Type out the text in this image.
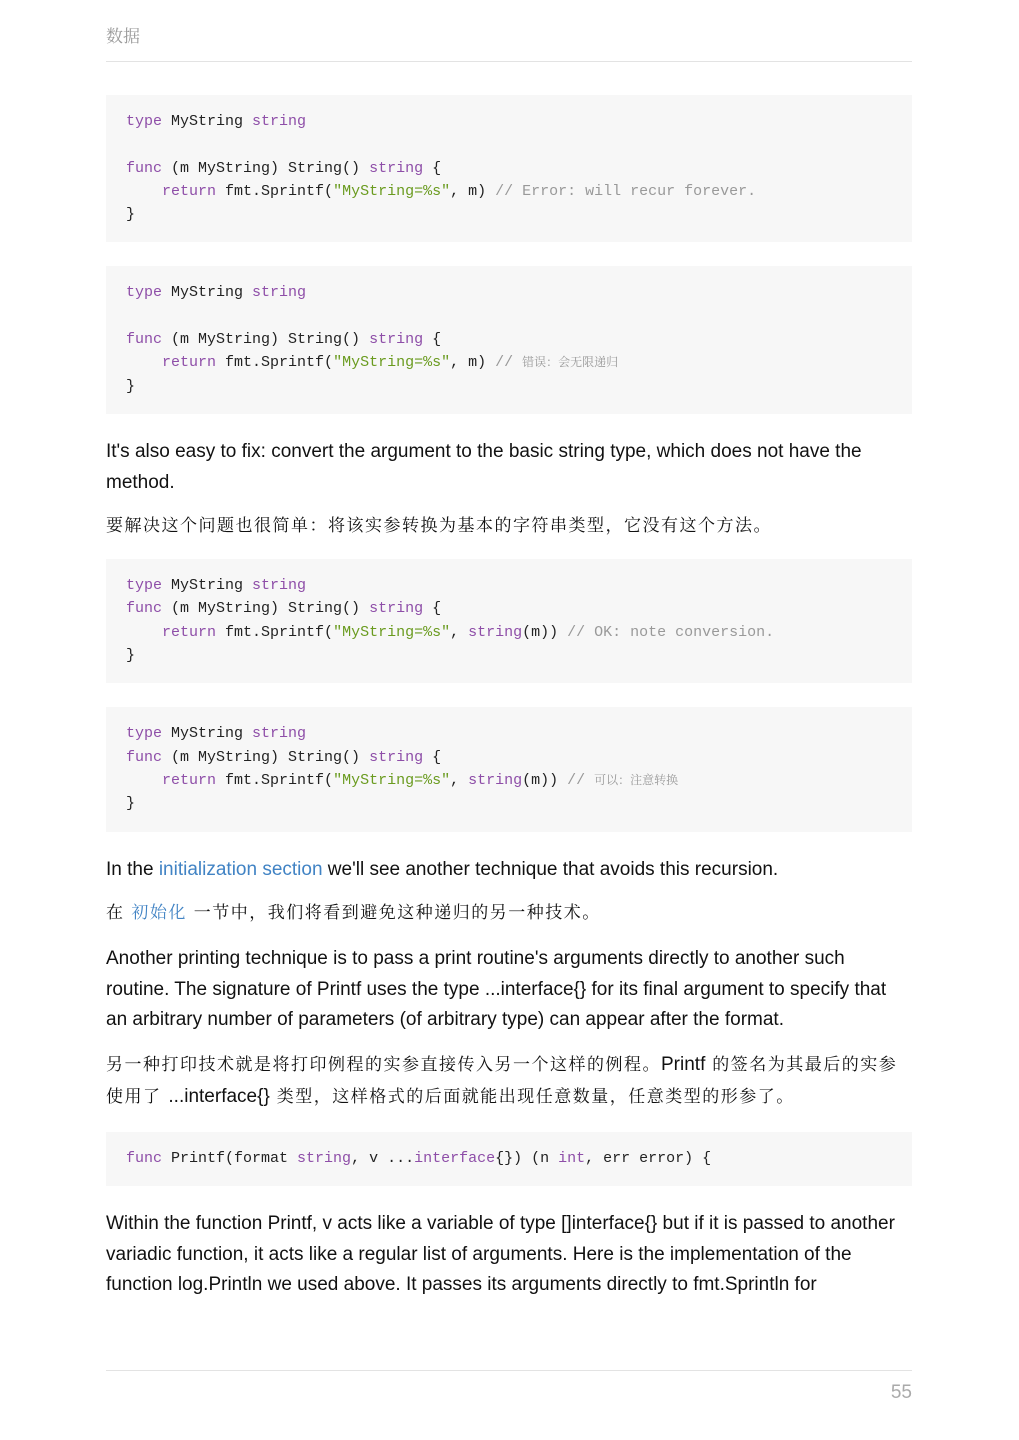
数据
type MyString string
func (m MyString) String() string {
return fmt.Sprintf("MyString=%s", m) // Error: will recur forever.
}
type MyString string
func (m MyString) String() string {
return fmt.Sprintf("MyString=%s", m) // 错误：会无限递归
}

It's also easy to fix: convert the argument to the basic string type, which does not have the method.

要解决这个问题也很简单：将该实参转换为基本的字符串类型，它没有这个方法。

type MyString string
func (m MyString) String() string {
return fmt.Sprintf("MyString=%s", string(m)) // OK: note conversion.
}
type MyString string
func (m MyString) String() string {
return fmt.Sprintf("MyString=%s", string(m)) // 可以：注意转换
}

In the initialization section we'll see another technique that avoids this recursion.

在 初始化 一节中，我们将看到避免这种递归的另一种技术。

Another printing technique is to pass a print routine's arguments directly to another such routine. The signature of Printf uses the type ...interface{} for its final argument to specify that an arbitrary number of parameters (of arbitrary type) can appear after the format.

另一种打印技术就是将打印例程的实参直接传入另一个这样的例程。Printf 的签名为其最后的实参使用了 ...interface{} 类型，这样格式的后面就能出现任意数量，任意类型的形参了。

func Printf(format string, v ...interface{}) (n int, err error) {

Within the function Printf, v acts like a variable of type []interface{} but if it is passed to another variadic function, it acts like a regular list of arguments. Here is the implementation of the function log.Println we used above. It passes its arguments directly to fmt.Sprintln for

55
